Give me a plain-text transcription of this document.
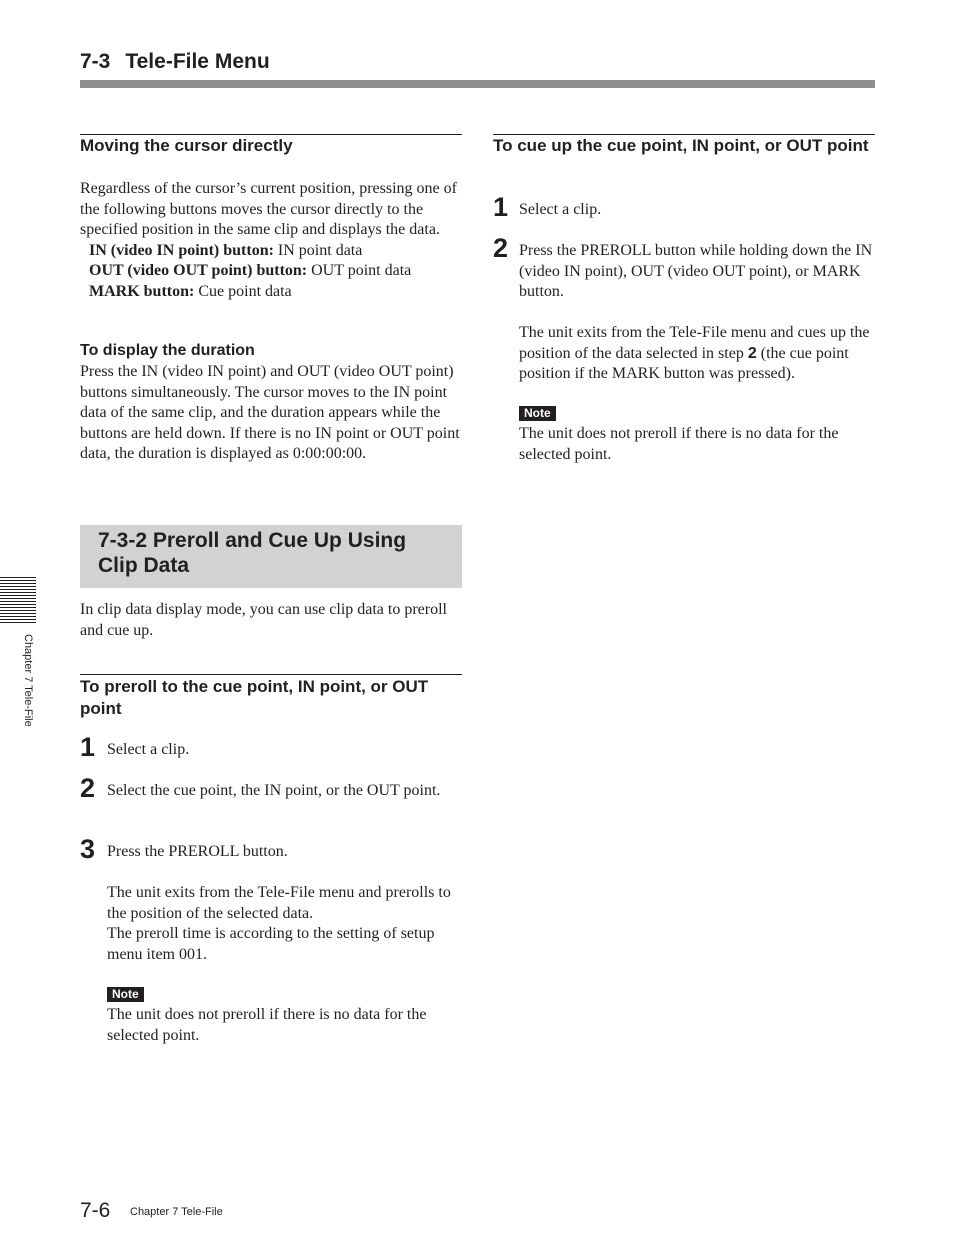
7-3 Tele-File Menu
Moving the cursor directly

Regardless of the cursor’s current position, pressing one of the following buttons moves the cursor directly to the specified position in the same clip and displays the data.

IN (video IN point) button: IN point data

OUT (video OUT point) button: OUT point data

MARK button: Cue point data

To display the duration

Press the IN (video IN point) and OUT (video OUT point) buttons simultaneously. The cursor moves to the IN point data of the same clip, and the duration appears while the buttons are held down. If there is no IN point or OUT point data, the duration is displayed as 0:00:00:00.

7-3-2 Preroll and Cue Up Using Clip Data

In clip data display mode, you can use clip data to preroll and cue up.

To preroll to the cue point, IN point, or OUT point
1 Select a clip.
2 Select the cue point, the IN point, or the OUT point.
3 Press the PREROLL button.

The unit exits from the Tele-File menu and prerolls to the position of the selected data.

The preroll time is according to the setting of setup menu item 001.

Note
The unit does not preroll if there is no data for the selected point.
To cue up the cue point, IN point, or OUT point
1 Select a clip.
2 Press the PREROLL button while holding down the IN (video IN point), OUT (video OUT point), or MARK button.

The unit exits from the Tele-File menu and cues up the position of the data selected in step 2 (the cue point position if the MARK button was pressed).

Note
The unit does not preroll if there is no data for the selected point.
Chapter 7 Tele-File
7-6 Chapter 7 Tele-File
